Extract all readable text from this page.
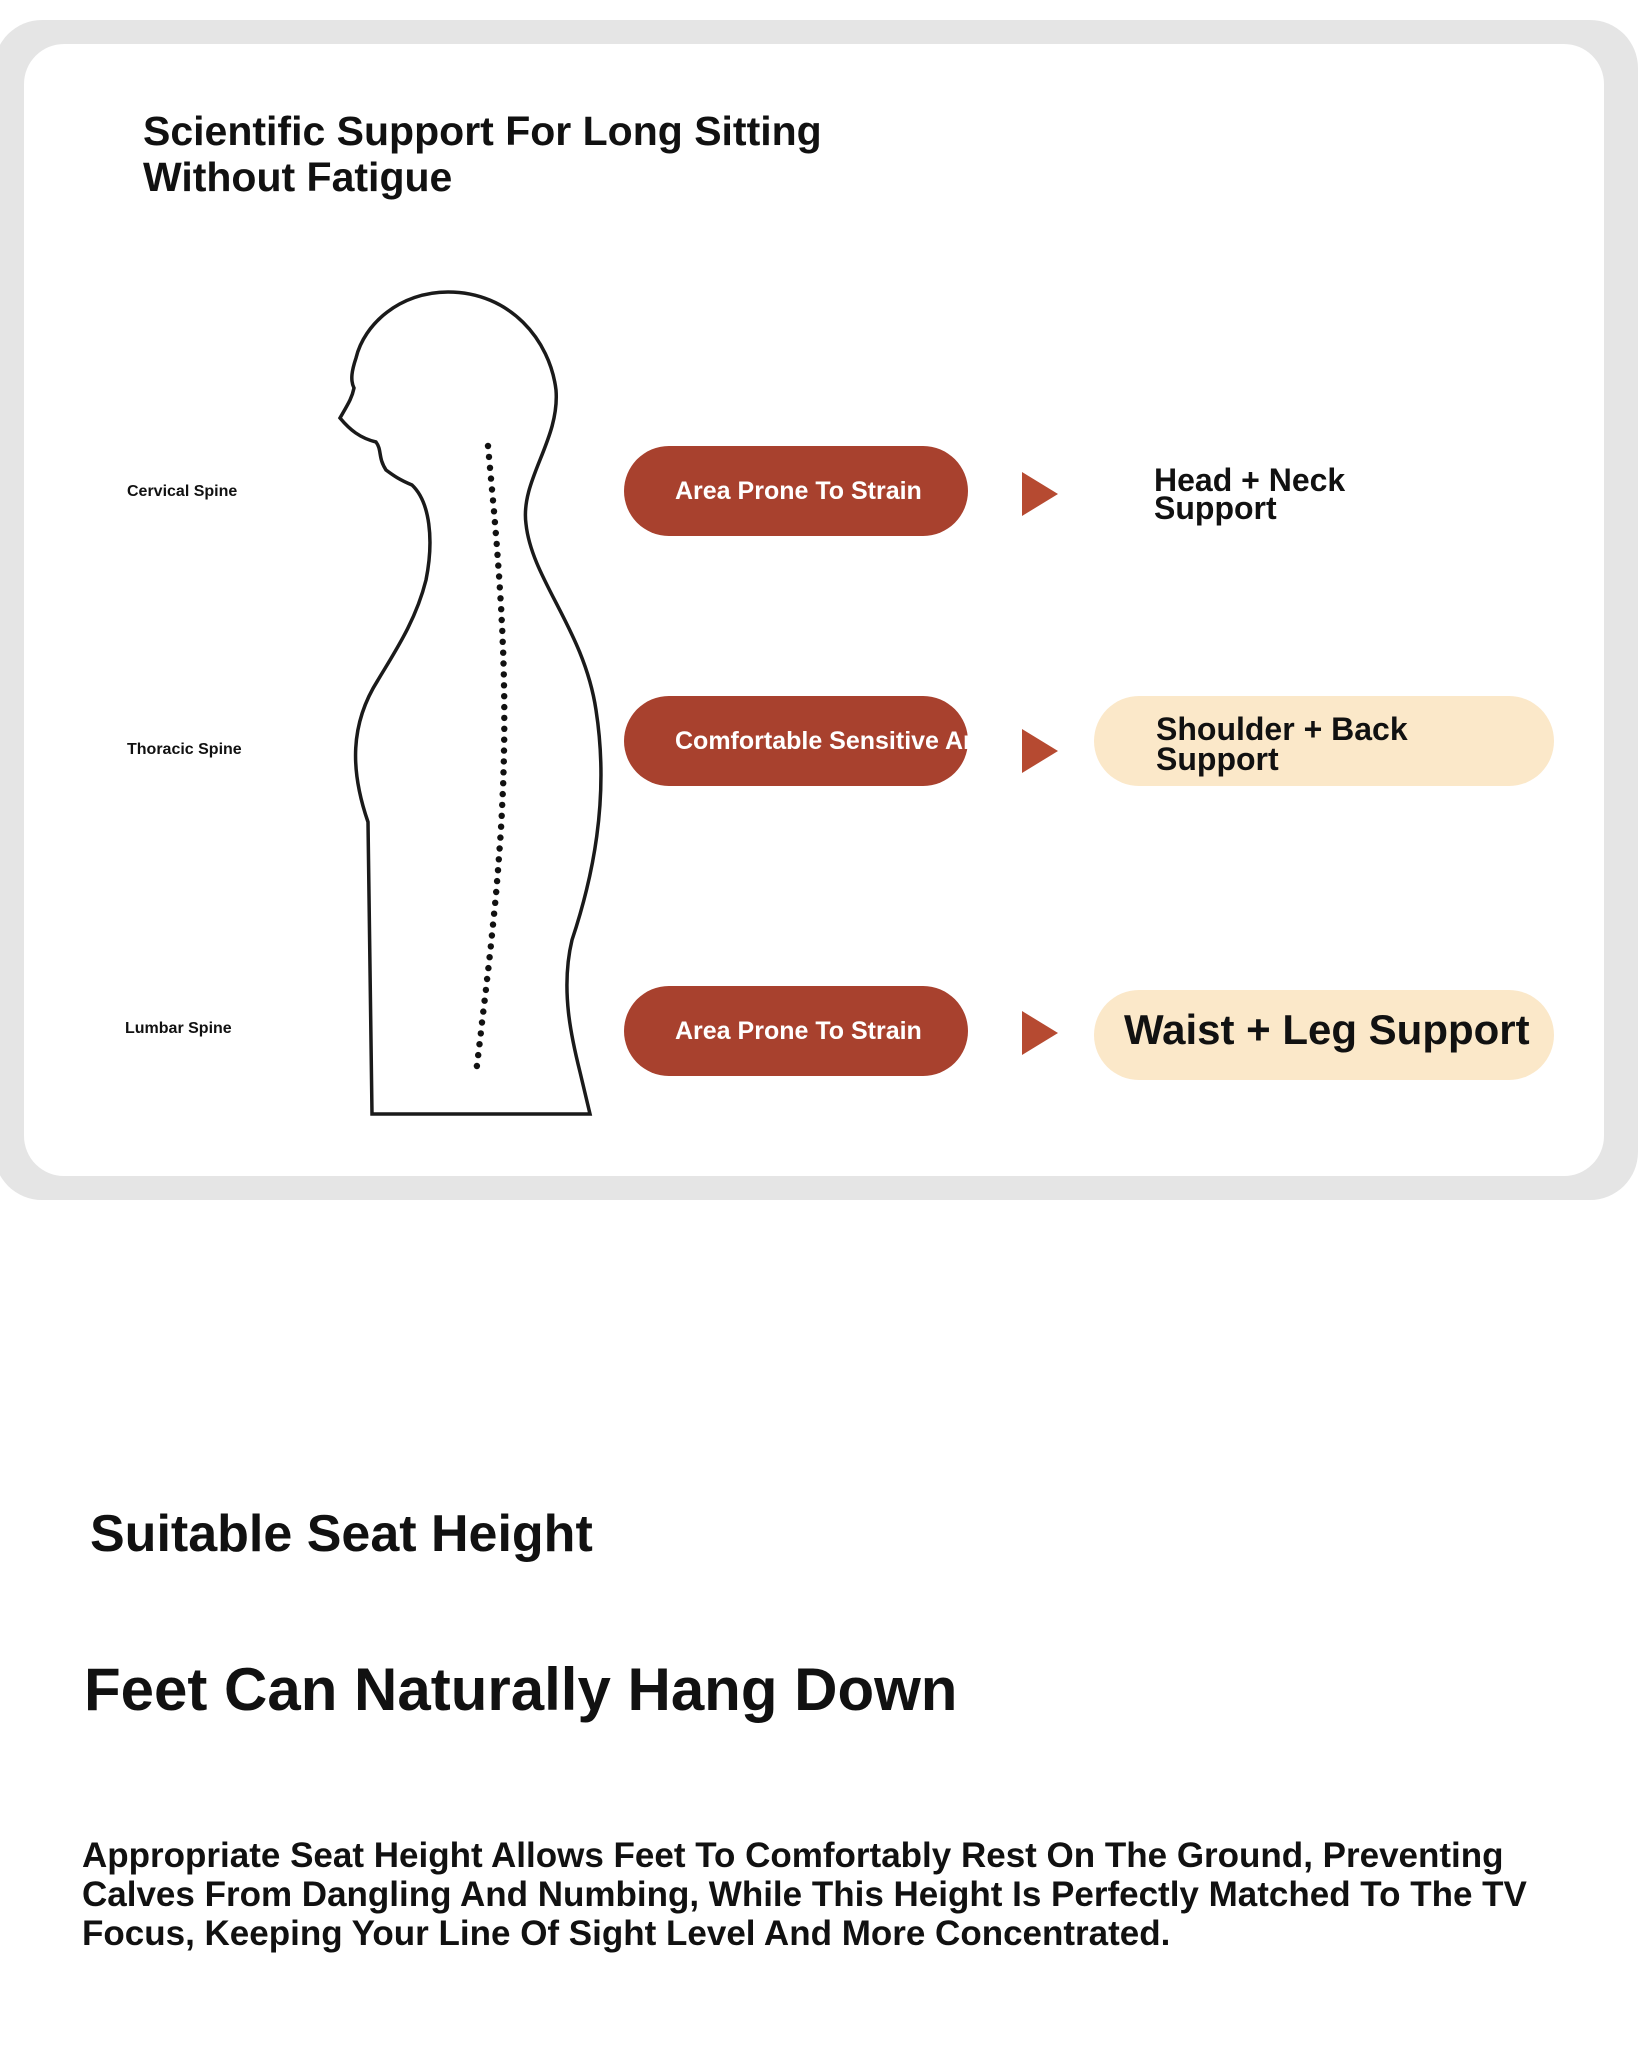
Scientific Support For Long Sitting Without Fatigue
Cervical Spine
Thoracic Spine
Lumbar Spine
Area Prone To Strain
Comfortable Sensitive Area
Area Prone To Strain
Head + Neck
Support
Shoulder + Back
Support
Waist + Leg Support
Suitable Seat Height
Feet Can Naturally Hang Down

Appropriate Seat Height Allows Feet To Comfortably Rest On The Ground, Preventing Calves From Dangling And Numbing, While This Height Is Perfectly Matched To The TV Focus, Keeping Your Line Of Sight Level And More Concentrated.
